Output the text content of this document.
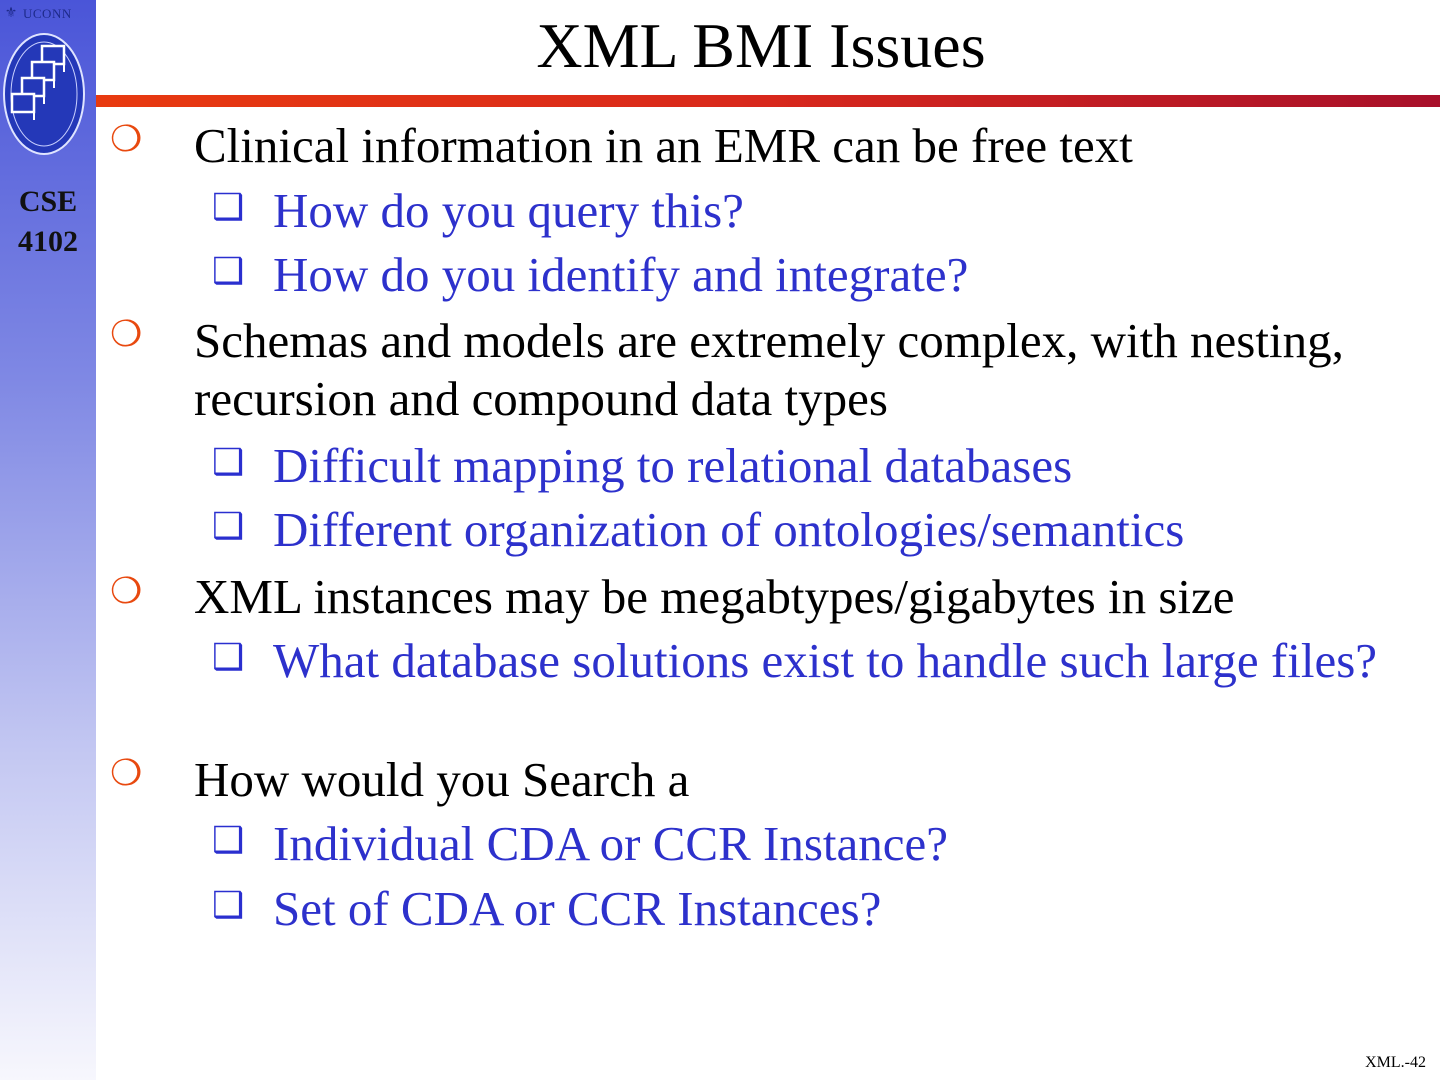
⚜ UCONN
CSE
4102
XML BMI Issues
❍ Clinical information in an EMR can be free text
❑ How do you query this?
❑ How do you identify and integrate?
❍ Schemas and models are extremely complex, with nesting, recursion and compound data types
❑ Difficult mapping to relational databases
❑ Different organization of ontologies/semantics
❍ XML instances may be megabtypes/gigabytes in size
❑ What database solutions exist to handle such large files?
❍ How would you Search a
❑ Individual CDA or CCR Instance?
❑ Set of CDA or CCR Instances?
XML.-42
